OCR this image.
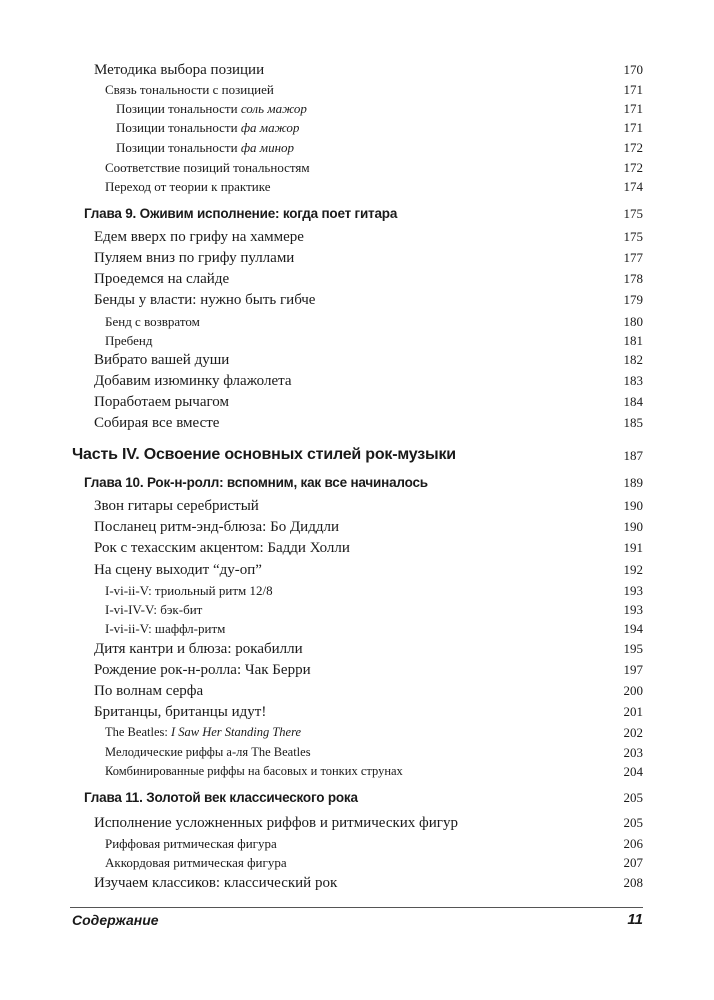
Методика выбора позиции	170
Связь тональности с позицией	171
Позиции тональности соль мажор	171
Позиции тональности фа мажор	171
Позиции тональности фа минор	172
Соответствие позиций тональностям	172
Переход от теории к практике	174
Глава 9. Оживим исполнение: когда поет гитара	175
Едем вверх по грифу на хаммере	175
Пуляем вниз по грифу пуллами	177
Проедемся на слайде	178
Бенды у власти: нужно быть гибче	179
Бенд с возвратом	180
Пребенд	181
Вибрато вашей души	182
Добавим изюминку флажолета	183
Поработаем рычагом	184
Собирая все вместе	185
Часть IV. Освоение основных стилей рок-музыки	187
Глава 10. Рок-н-ролл: вспомним, как все начиналось	189
Звон гитары серебристый	190
Посланец ритм-энд-блюза: Бо Диддли	190
Рок с техасским акцентом: Бадди Холли	191
На сцену выходит “ду-оп”	192
I-vi-ii-V: триольный ритм 12/8	193
I-vi-IV-V: бэк-бит	193
I-vi-ii-V: шаффл-ритм	194
Дитя кантри и блюза: рокабилли	195
Рождение рок-н-ролла: Чак Берри	197
По волнам серфа	200
Британцы, британцы идут!	201
The Beatles: I Saw Her Standing There	202
Мелодические риффы а-ля The Beatles	203
Комбинированные риффы на басовых и тонких струнах	204
Глава 11. Золотой век классического рока	205
Исполнение усложненных риффов и ритмических фигур	205
Риффовая ритмическая фигура	206
Аккордовая ритмическая фигура	207
Изучаем классиков: классический рок	208
Содержание	11
